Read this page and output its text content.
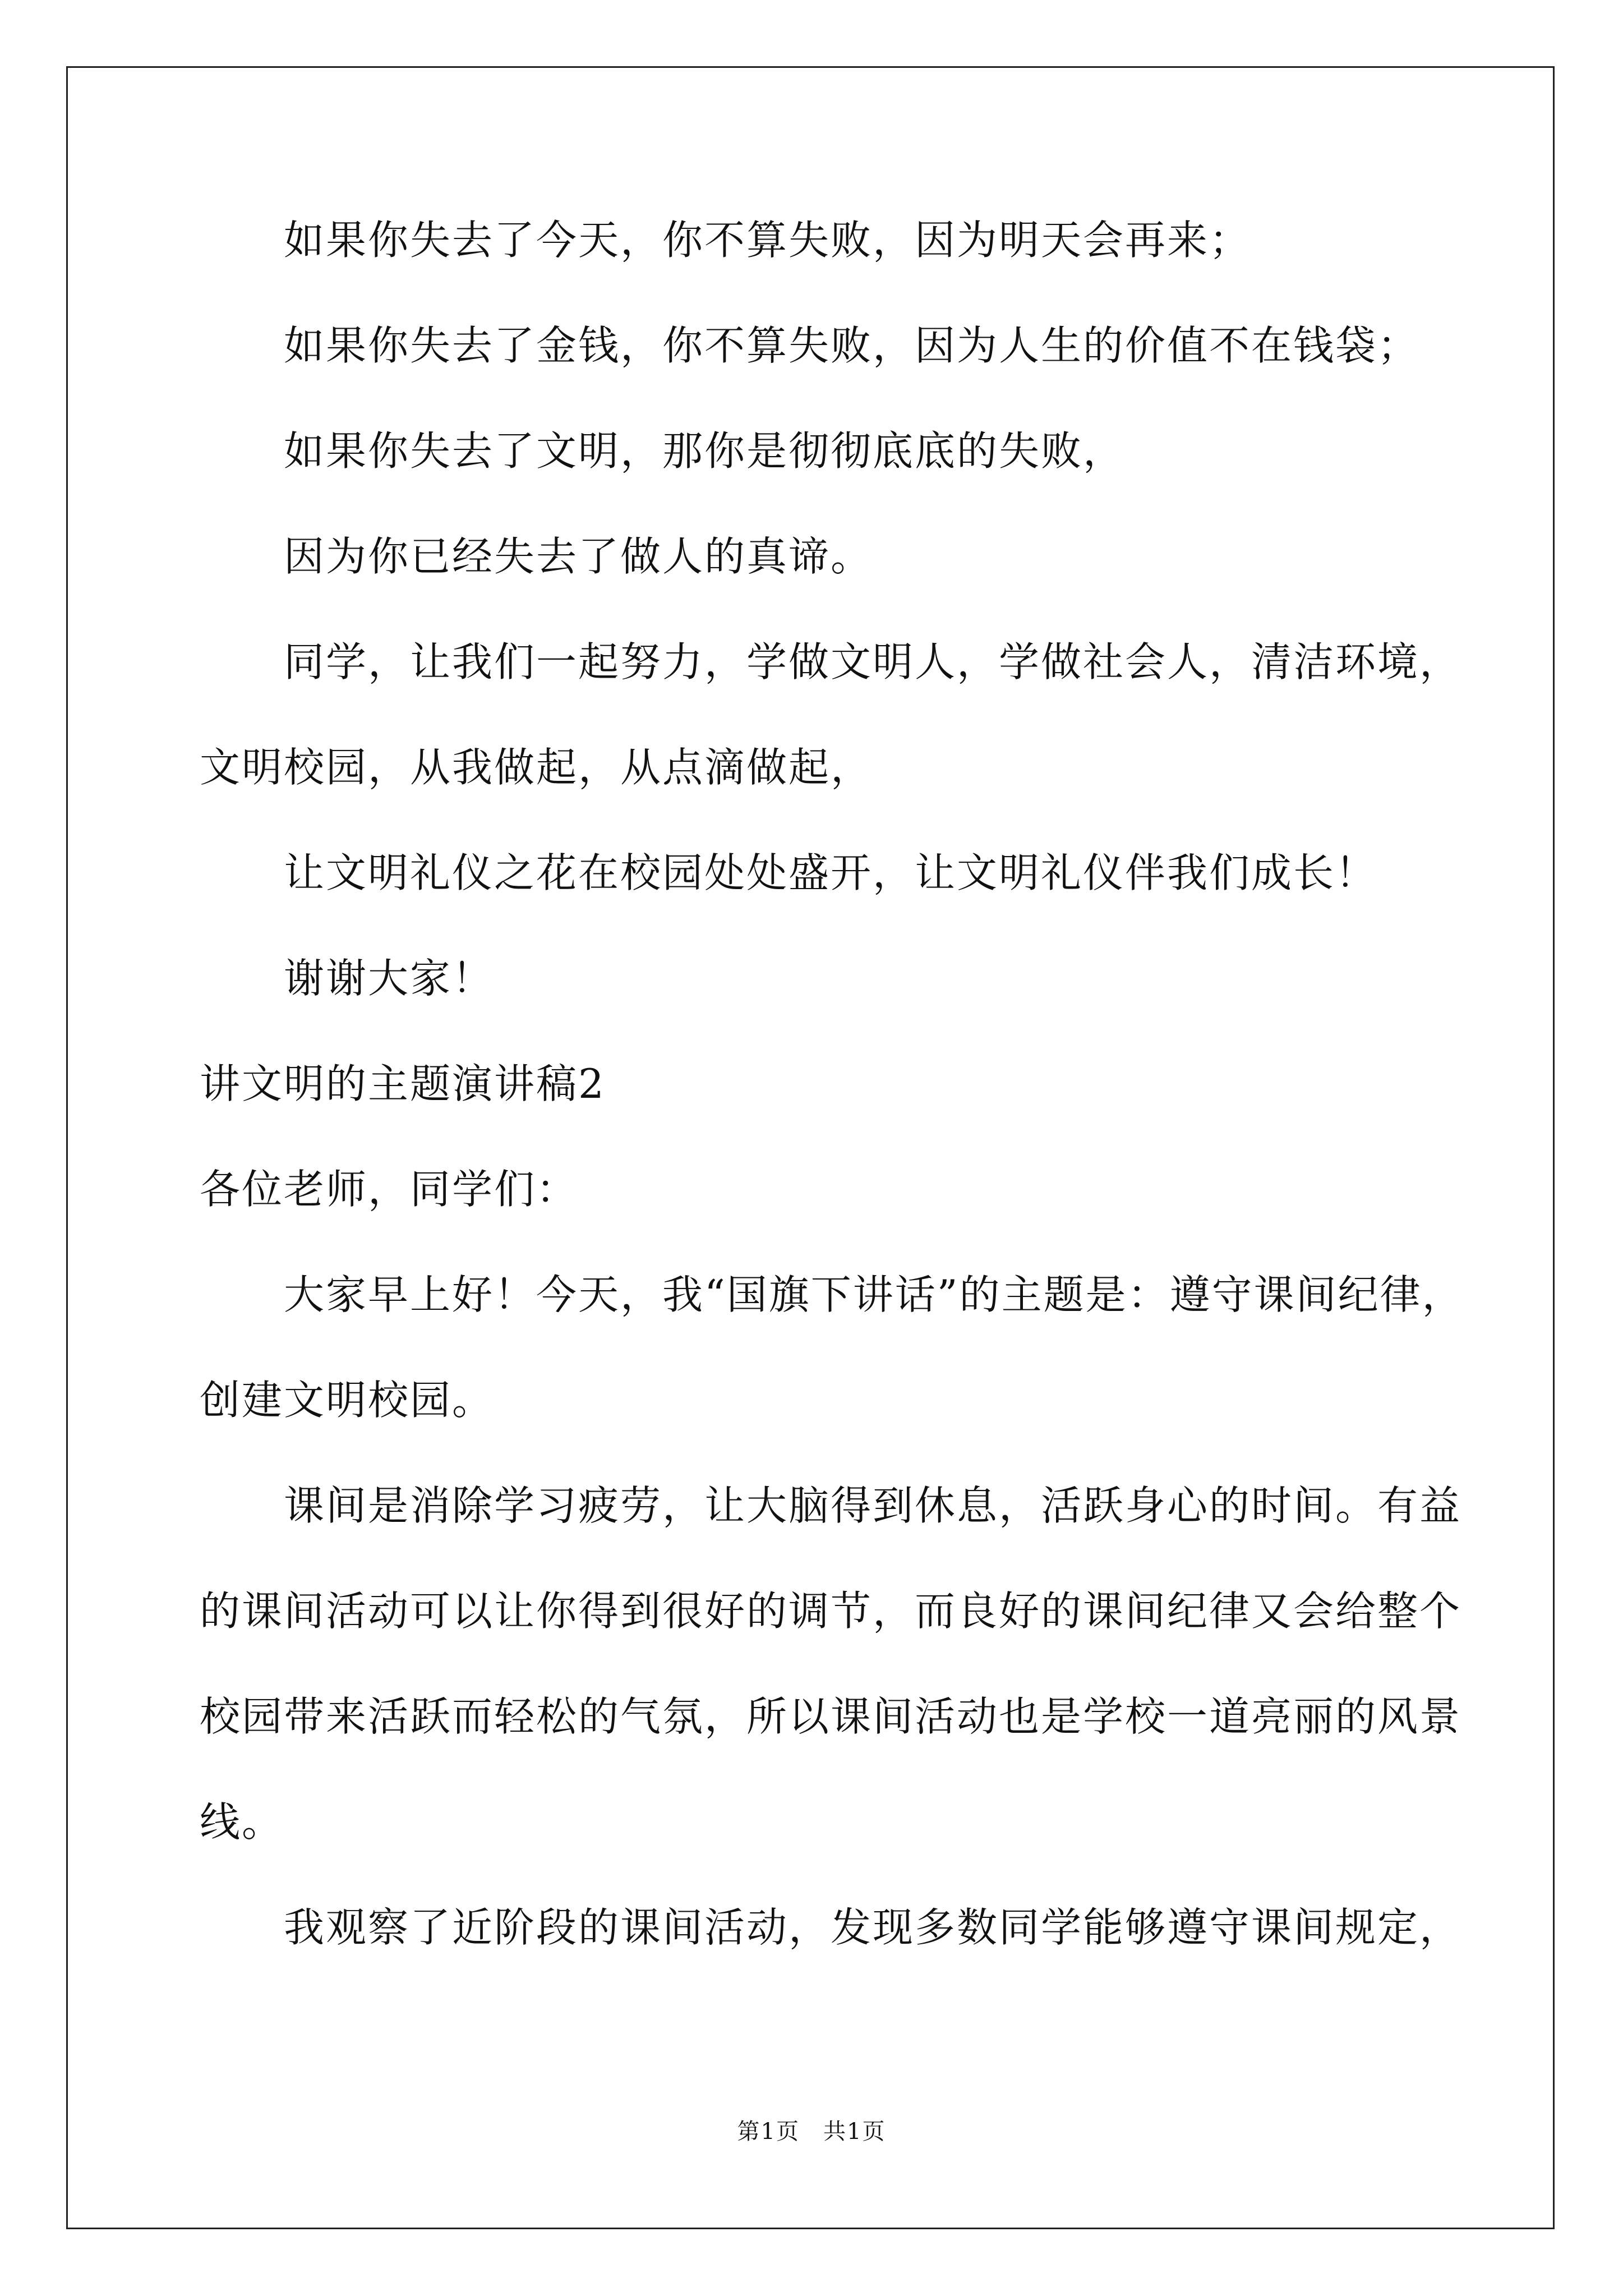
如果你失去了今天，你不算失败，因为明天会再来；
如果你失去了金钱，你不算失败，因为人生的价值不在钱袋；
如果你失去了文明，那你是彻彻底底的失败，
因为你已经失去了做人的真谛。
同学，让我们一起努力，学做文明人，学做社会人，清洁环境，
文明校园，从我做起，从点滴做起，
让文明礼仪之花在校园处处盛开，让文明礼仪伴我们成长！
谢谢大家！
讲文明的主题演讲稿2
各位老师，同学们：
大家早上好！今天，我“国旗下讲话”的主题是：遵守课间纪律，
创建文明校园。
课间是消除学习疲劳，让大脑得到休息，活跃身心的时间。有益
的课间活动可以让你得到很好的调节，而良好的课间纪律又会给整个
校园带来活跃而轻松的气氛，所以课间活动也是学校一道亮丽的风景
线。
我观察了近阶段的课间活动，发现多数同学能够遵守课间规定，
第1页　共1页
